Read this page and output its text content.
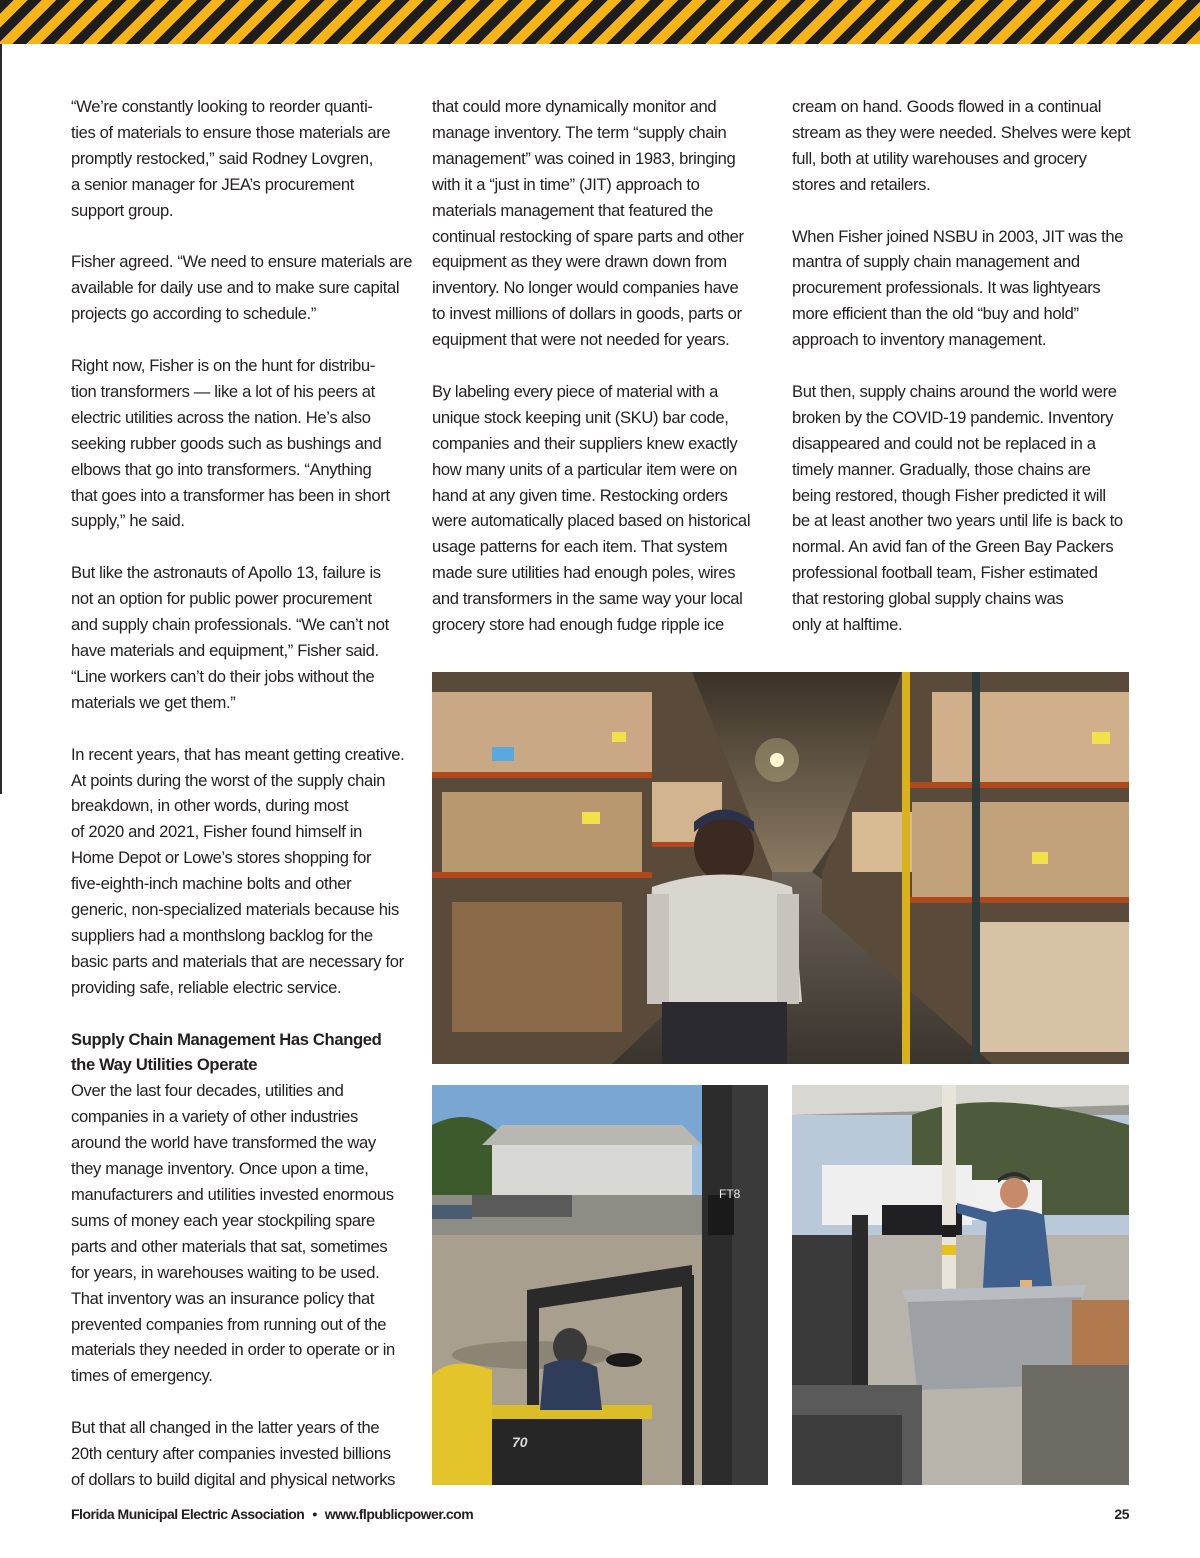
“We’re constantly looking to reorder quanti-
ties of materials to ensure those materials are
promptly restocked,” said Rodney Lovgren,
a senior manager for JEA’s procurement
support group.

Fisher agreed. “We need to ensure materials are
available for daily use and to make sure capital
projects go according to schedule.”

Right now, Fisher is on the hunt for distribu-
tion transformers — like a lot of his peers at
electric utilities across the nation. He’s also
seeking rubber goods such as bushings and
elbows that go into transformers. “Anything
that goes into a transformer has been in short
supply,” he said.

But like the astronauts of Apollo 13, failure is
not an option for public power procurement
and supply chain professionals. “We can’t not
have materials and equipment,” Fisher said.
“Line workers can’t do their jobs without the
materials we get them.”

In recent years, that has meant getting creative.
At points during the worst of the supply chain
breakdown, in other words, during most
of 2020 and 2021, Fisher found himself in
Home Depot or Lowe’s stores shopping for
five-eighth-inch machine bolts and other
generic, non-specialized materials because his
suppliers had a monthslong backlog for the
basic parts and materials that are necessary for
providing safe, reliable electric service.

Supply Chain Management Has Changed
the Way Utilities Operate

Over the last four decades, utilities and
companies in a variety of other industries
around the world have transformed the way
they manage inventory. Once upon a time,
manufacturers and utilities invested enormous
sums of money each year stockpiling spare
parts and other materials that sat, sometimes
for years, in warehouses waiting to be used.
That inventory was an insurance policy that
prevented companies from running out of the
materials they needed in order to operate or in
times of emergency.

But that all changed in the latter years of the
20th century after companies invested billions
of dollars to build digital and physical networks

that could more dynamically monitor and
manage inventory. The term “supply chain
management” was coined in 1983, bringing
with it a “just in time” (JIT) approach to
materials management that featured the
continual restocking of spare parts and other
equipment as they were drawn down from
inventory. No longer would companies have
to invest millions of dollars in goods, parts or
equipment that were not needed for years.

By labeling every piece of material with a
unique stock keeping unit (SKU) bar code,
companies and their suppliers knew exactly
how many units of a particular item were on
hand at any given time. Restocking orders
were automatically placed based on historical
usage patterns for each item. That system
made sure utilities had enough poles, wires
and transformers in the same way your local
grocery store had enough fudge ripple ice

cream on hand. Goods flowed in a continual
stream as they were needed. Shelves were kept
full, both at utility warehouses and grocery
stores and retailers.

When Fisher joined NSBU in 2003, JIT was the
mantra of supply chain management and
procurement professionals. It was lightyears
more efficient than the old “buy and hold”
approach to inventory management.

But then, supply chains around the world were
broken by the COVID-19 pandemic. Inventory
disappeared and could not be replaced in a
timely manner. Gradually, those chains are
being restored, though Fisher predicted it will
be at least another two years until life is back to
normal. An avid fan of the Green Bay Packers
professional football team, Fisher estimated
that restoring global supply chains was
only at halftime.

FT8
70
Florida Municipal Electric Association • www.flpublicpower.com	25
